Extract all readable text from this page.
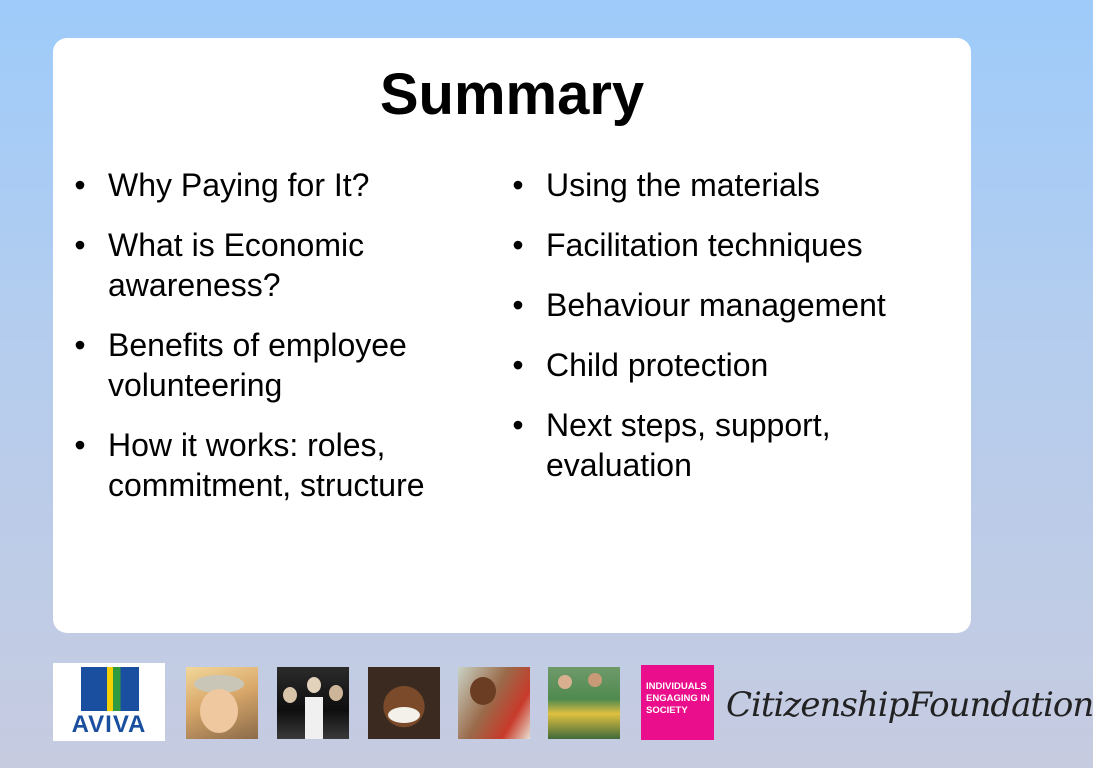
Summary
• Why Paying for It?
• What is Economic awareness?
• Benefits of employee volunteering
• How it works: roles, commitment, structure
• Using the materials
• Facilitation techniques
• Behaviour management
• Child protection
• Next steps, support, evaluation
AVIVA
INDIVIDUALS
ENGAGING IN
SOCIETY	CitizenshipFoundation
